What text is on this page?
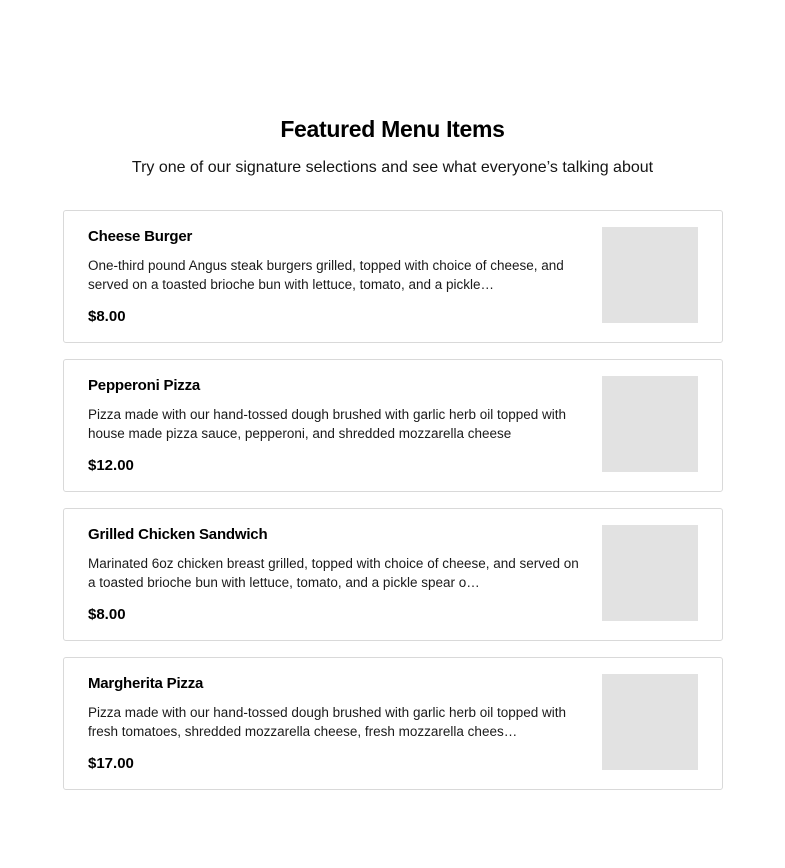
Featured Menu Items

Try one of our signature selections and see what everyone’s talking about

Cheese Burger
One-third pound Angus steak burgers grilled, topped with choice of cheese, and served on a toasted brioche bun with lettuce, tomato, and a pickle…
$8.00
Pepperoni Pizza
Pizza made with our hand-tossed dough brushed with garlic herb oil topped with house made pizza sauce, pepperoni, and shredded mozzarella cheese
$12.00
Grilled Chicken Sandwich
Marinated 6oz chicken breast grilled, topped with choice of cheese, and served on a toasted brioche bun with lettuce, tomato, and a pickle spear o…
$8.00
Margherita Pizza
Pizza made with our hand-tossed dough brushed with garlic herb oil topped with fresh tomatoes, shredded mozzarella cheese, fresh mozzarella chees…
$17.00
